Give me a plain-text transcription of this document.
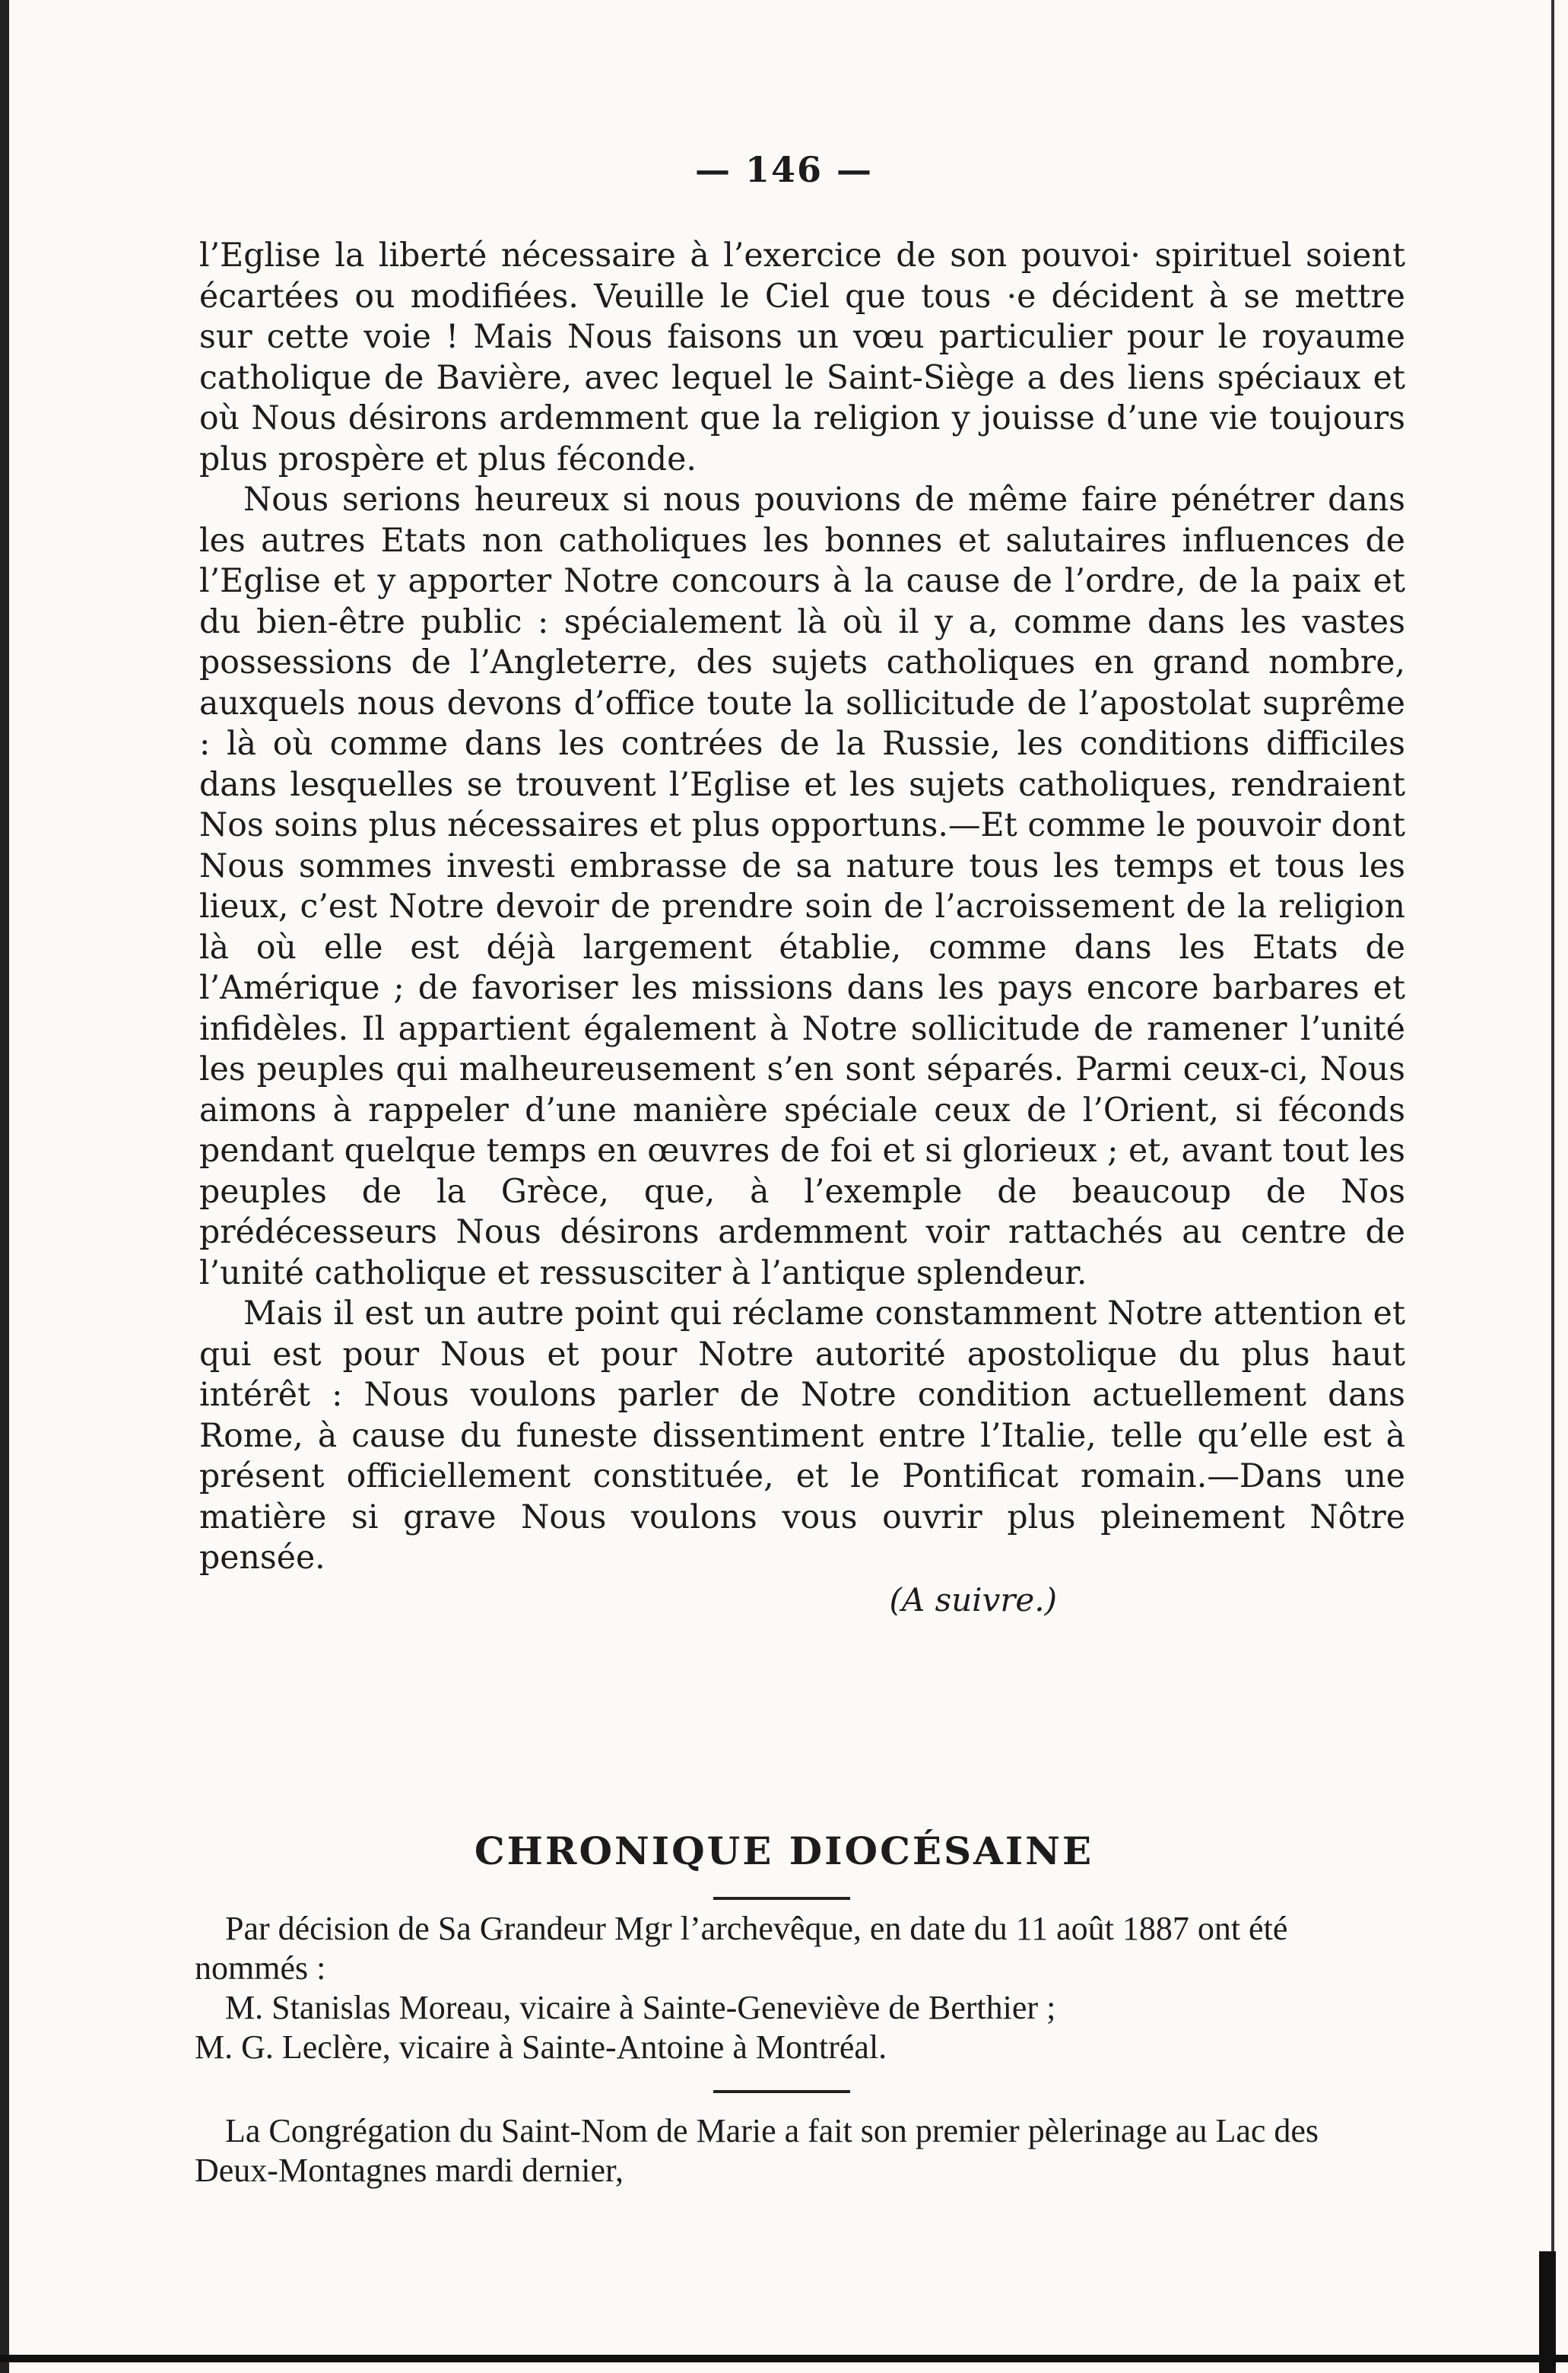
— 146 —

l’Eglise la liberté nécessaire à l’exercice de son pouvoi· spirituel soient écartées ou modifiées. Veuille le Ciel que tous ·e décident à se mettre sur cette voie ! Mais Nous faisons un vœu particulier pour le royaume catholique de Bavière, avec lequel le Saint-Siège a des liens spéciaux et où Nous désirons ardemment que la religion y jouisse d’une vie toujours plus prospère et plus féconde.

Nous serions heureux si nous pouvions de même faire pénétrer dans les autres Etats non catholiques les bonnes et salutaires influences de l’Eglise et y apporter Notre concours à la cause de l’ordre, de la paix et du bien-être public : spécialement là où il y a, comme dans les vastes possessions de l’Angleterre, des sujets catholiques en grand nombre, auxquels nous devons d’office toute la sollicitude de l’apostolat suprême : là où comme dans les contrées de la Russie, les conditions difficiles dans lesquelles se trouvent l’Eglise et les sujets catholiques, rendraient Nos soins plus nécessaires et plus opportuns.—Et comme le pouvoir dont Nous sommes investi embrasse de sa nature tous les temps et tous les lieux, c’est Notre devoir de prendre soin de l’acroissement de la religion là où elle est déjà largement établie, comme dans les Etats de l’Amérique ; de favoriser les missions dans les pays encore barbares et infidèles. Il appartient également à Notre sollicitude de ramener l’unité les peuples qui malheureusement s’en sont séparés. Parmi ceux-ci, Nous aimons à rappeler d’une manière spéciale ceux de l’Orient, si féconds pendant quelque temps en œuvres de foi et si glorieux ; et, avant tout les peuples de la Grèce, que, à l’exemple de beaucoup de Nos prédécesseurs Nous désirons ardemment voir rattachés au centre de l’unité catholique et ressusciter à l’antique splendeur.

Mais il est un autre point qui réclame constamment Notre attention et qui est pour Nous et pour Notre autorité apostolique du plus haut intérêt : Nous voulons parler de Notre condition actuellement dans Rome, à cause du funeste dissentiment entre l’Italie, telle qu’elle est à présent officiellement constituée, et le Pontificat romain.—Dans une matière si grave Nous voulons vous ouvrir plus pleinement Nôtre pensée.

(A suivre.)

CHRONIQUE DIOCÉSAINE

Par décision de Sa Grandeur Mgr l’archevêque, en date du 11 août 1887 ont été nommés :

M. Stanislas Moreau, vicaire à Sainte-Geneviève de Berthier ;

M. G. Leclère, vicaire à Sainte-Antoine à Montréal.

La Congrégation du Saint-Nom de Marie a fait son premier pèlerinage au Lac des Deux-Montagnes mardi dernier,
